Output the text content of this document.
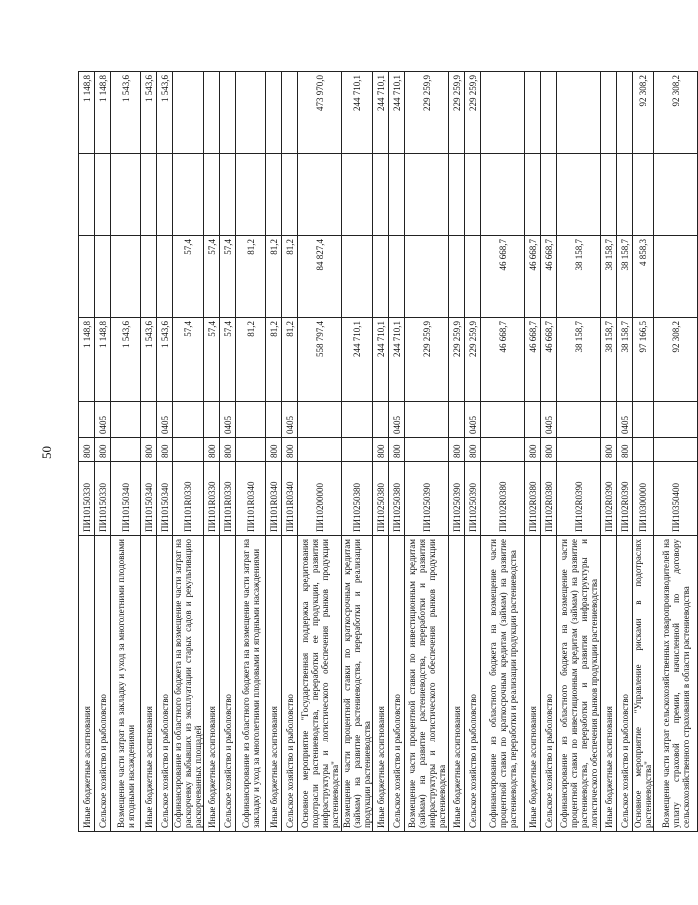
50
Иные бюджетные ассигнования	ПИ10150330	800		1 148,8			1 148,8
Сельское хозяйство и рыболовство	ПИ10150330	800	0405	1 148,8			1 148,8
Возмещение части затрат на закладку и уход за многолетними плодовыми и ягодными насаждениями	ПИ10150340			1 543,6			1 543,6
Иные бюджетные ассигнования	ПИ10150340	800		1 543,6			1 543,6
Сельское хозяйство и рыболовство	ПИ10150340	800	0405	1 543,6			1 543,6
Софинансирование из областного бюджета на возмещение части затрат на раскорчевку выбывших из эксплуатации старых садов и рекультивацию раскорчеванных площадей	ПИ101R0330			57,4	57,4		
Иные бюджетные ассигнования	ПИ101R0330	800		57,4	57,4		
Сельское хозяйство и рыболовство	ПИ101R0330	800	0405	57,4	57,4		
Софинансирование из областного бюджета на возмещение части затрат на закладку и уход за многолетними плодовыми и ягодными насаждениями	ПИ101R0340			81,2	81,2		
Иные бюджетные ассигнования	ПИ101R0340	800		81,2	81,2		
Сельское хозяйство и рыболовство	ПИ101R0340	800	0405	81,2	81,2		
Основное мероприятие "Государственная поддержка кредитования подотрасли растениеводства, переработки ее продукции, развития инфраструктуры и логистического обеспечения рынков продукции растениеводства"	ПИ10200000			558 797,4	84 827,4		473 970,0
Возмещение части процентной ставки по краткосрочным кредитам (займам) на развитие растениеводства, переработки и реализации продукции растениеводства	ПИ10250380			244 710,1			244 710,1
Иные бюджетные ассигнования	ПИ10250380	800		244 710,1			244 710,1
Сельское хозяйство и рыболовство	ПИ10250380	800	0405	244 710,1			244 710,1
Возмещение части процентной ставки по инвестиционным кредитам (займам) на развитие растениеводства, переработки и развития инфраструктуры и логистического обеспечения рынков продукции растениеводства	ПИ10250390			229 259,9			229 259,9
Иные бюджетные ассигнования	ПИ10250390	800		229 259,9			229 259,9
Сельское хозяйство и рыболовство	ПИ10250390	800	0405	229 259,9			229 259,9
Софинансирование из областного бюджета на возмещение части процентной ставки по краткосрочным кредитам (займам) на развитие растениеводства, переработки и реализации продукции растениеводства	ПИ102R0380			46 668,7	46 668,7		
Иные бюджетные ассигнования	ПИ102R0380	800		46 668,7	46 668,7		
Сельское хозяйство и рыболовство	ПИ102R0380	800	0405	46 668,7	46 668,7		
Софинансирование из областного бюджета на возмещение части процентной ставки по инвестиционным кредитам (займам) на развитие растениеводства, переработки и развития инфраструктуры и логистического обеспечения рынков продукции растениеводства	ПИ102R0390			38 158,7	38 158,7		
Иные бюджетные ассигнования	ПИ102R0390	800		38 158,7	38 158,7		
Сельское хозяйство и рыболовство	ПИ102R0390	800	0405	38 158,7	38 158,7		
Основное мероприятие "Управление рисками в подотраслях растениеводства"	ПИ10300000			97 166,5	4 858,3		92 308,2
Возмещение части затрат сельскохозяйственных товаропроизводителей на уплату страховой премии, начисленной по договору сельскохозяйственного страхования в области растениеводства	ПИ10350400			92 308,2			92 308,2
